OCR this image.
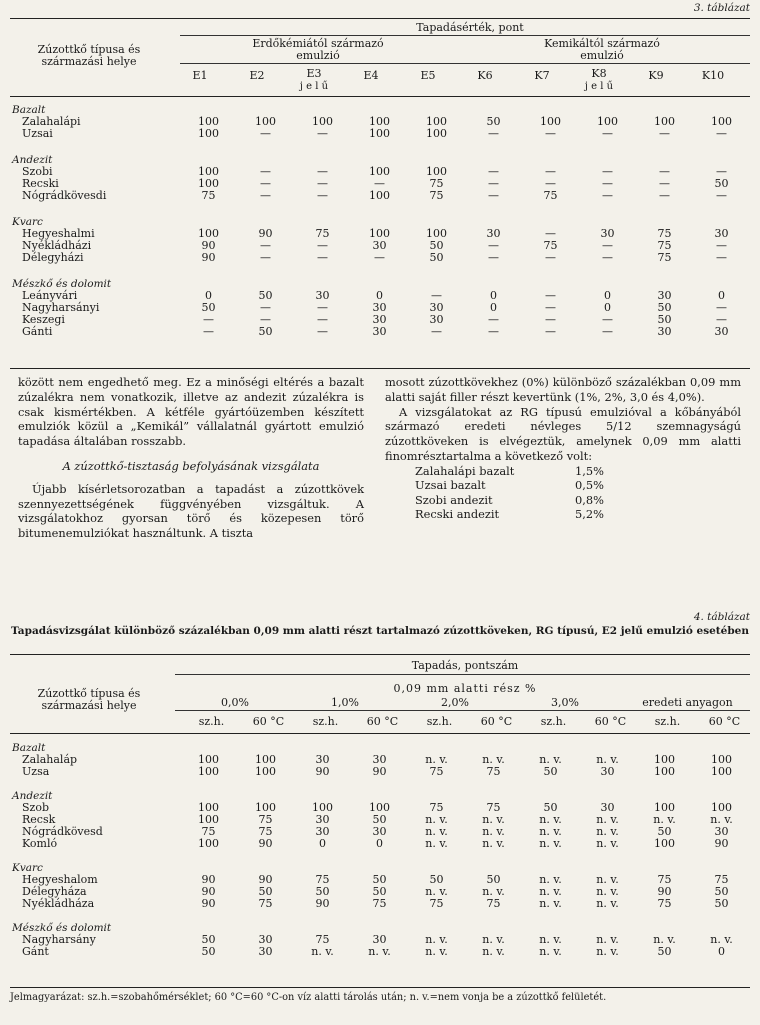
3. táblázat
Tapadásérték, pont
Zúzottkő típusa és származási helye
Erdőkémiától származó emulzió
Kemikáltól származó emulzió
E1	E2	E3
j e l ű
E4	E5	K6	K7	K8
j e l ű
K9	K10
Bazalt										
Zalahalápi	100	100	100	100	100	50	100	100	100	100
Uzsai	100	—	—	100	100	—	—	—	—	—

Andezit										
Szobi	100	—	—	100	100	—	—	—	—	—
Recski	100	—	—	—	75	—	—	—	—	50
Nógrádkövesdi	75	—	—	100	75	—	75	—	—	—

Kvarc										
Hegyeshalmi	100	90	75	100	100	30	—	30	75	30
Nyékládházi	90	—	—	30	50	—	75	—	75	—
Délegyházi	90	—	—	—	50	—	—	—	75	—

Mészkő és dolomit										
Leányvári	0	50	30	0	—	0	—	0	30	0
Nagyharsányi	50	—	—	30	30	0	—	0	50	—
Keszegi	—	—	—	30	30	—	—	—	50	—
Gánti	—	50	—	30	—	—	—	—	30	30

között nem engedhető meg. Ez a minőségi eltérés a bazalt zúzalékra nem vonatkozik, illetve az andezit zúzalékra is csak kismértékben. A kétféle gyártóüzemben készített emulziók közül a „Kemikál” vállalatnál gyártott emulzió tapadása általában rosszabb.

A zúzottkő-tisztaság befolyásának vizsgálata

Újabb kísérletsorozatban a tapadást a zúzottkövek szennyezettségének függvényében vizsgáltuk. A vizsgálatokhoz gyorsan törő és közepesen törő bitumenemulziókat használtunk. A tiszta

mosott zúzottkövekhez (0%) különböző százalékban 0,09 mm alatti saját filler részt kevertünk (1%, 2%, 3,0 és 4,0%).

A vizsgálatokat az RG típusú emulzióval a kőbányából származó eredeti névleges 5/12 szemnagyságú zúzottköveken is elvégeztük, amelynek 0,09 mm alatti finomrésztartalma a következő volt:

Zalahalápi bazalt	1,5%
Uzsai bazalt	0,5%
Szobi andezit	0,8%
Recski andezit	5,2%
4. táblázat
Tapadásvizsgálat különböző százalékban 0,09 mm alatti részt tartalmazó zúzottköveken, RG típusú, E2 jelű emulzió esetében
Tapadás, pontszám
Zúzottkő típusa és származási helye
0,09 mm alatti rész %
0,0%	1,0%	2,0%	3,0%	eredeti anyagon
sz.h.	60 °C	sz.h.	60 °C	sz.h.	60 °C	sz.h.	60 °C	sz.h.	60 °C
Bazalt										
Zalahaláp	100	100	30	30	n. v.	n. v.	n. v.	n. v.	100	100
Uzsa	100	100	90	90	75	75	50	30	100	100

Andezit										
Szob	100	100	100	100	75	75	50	30	100	100
Recsk	100	75	30	50	n. v.	n. v.	n. v.	n. v.	n. v.	n. v.
Nógrádkövesd	75	75	30	30	n. v.	n. v.	n. v.	n. v.	50	30
Komló	100	90	0	0	n. v.	n. v.	n. v.	n. v.	100	90

Kvarc										
Hegyeshalom	90	90	75	50	50	50	n. v.	n. v.	75	75
Délegyháza	90	50	50	50	n. v.	n. v.	n. v.	n. v.	90	50
Nyékládháza	90	75	90	75	75	75	n. v.	n. v.	75	50

Mészkő és dolomit										
Nagyharsány	50	30	75	30	n. v.	n. v.	n. v.	n. v.	n. v.	n. v.
Gánt	50	30	n. v.	n. v.	n. v.	n. v.	n. v.	n. v.	50	0
Jelmagyarázat: sz.h.=szobahőmérséklet; 60 °C=60 °C-on víz alatti tárolás után; n. v.=nem vonja be a zúzottkő felületét.
